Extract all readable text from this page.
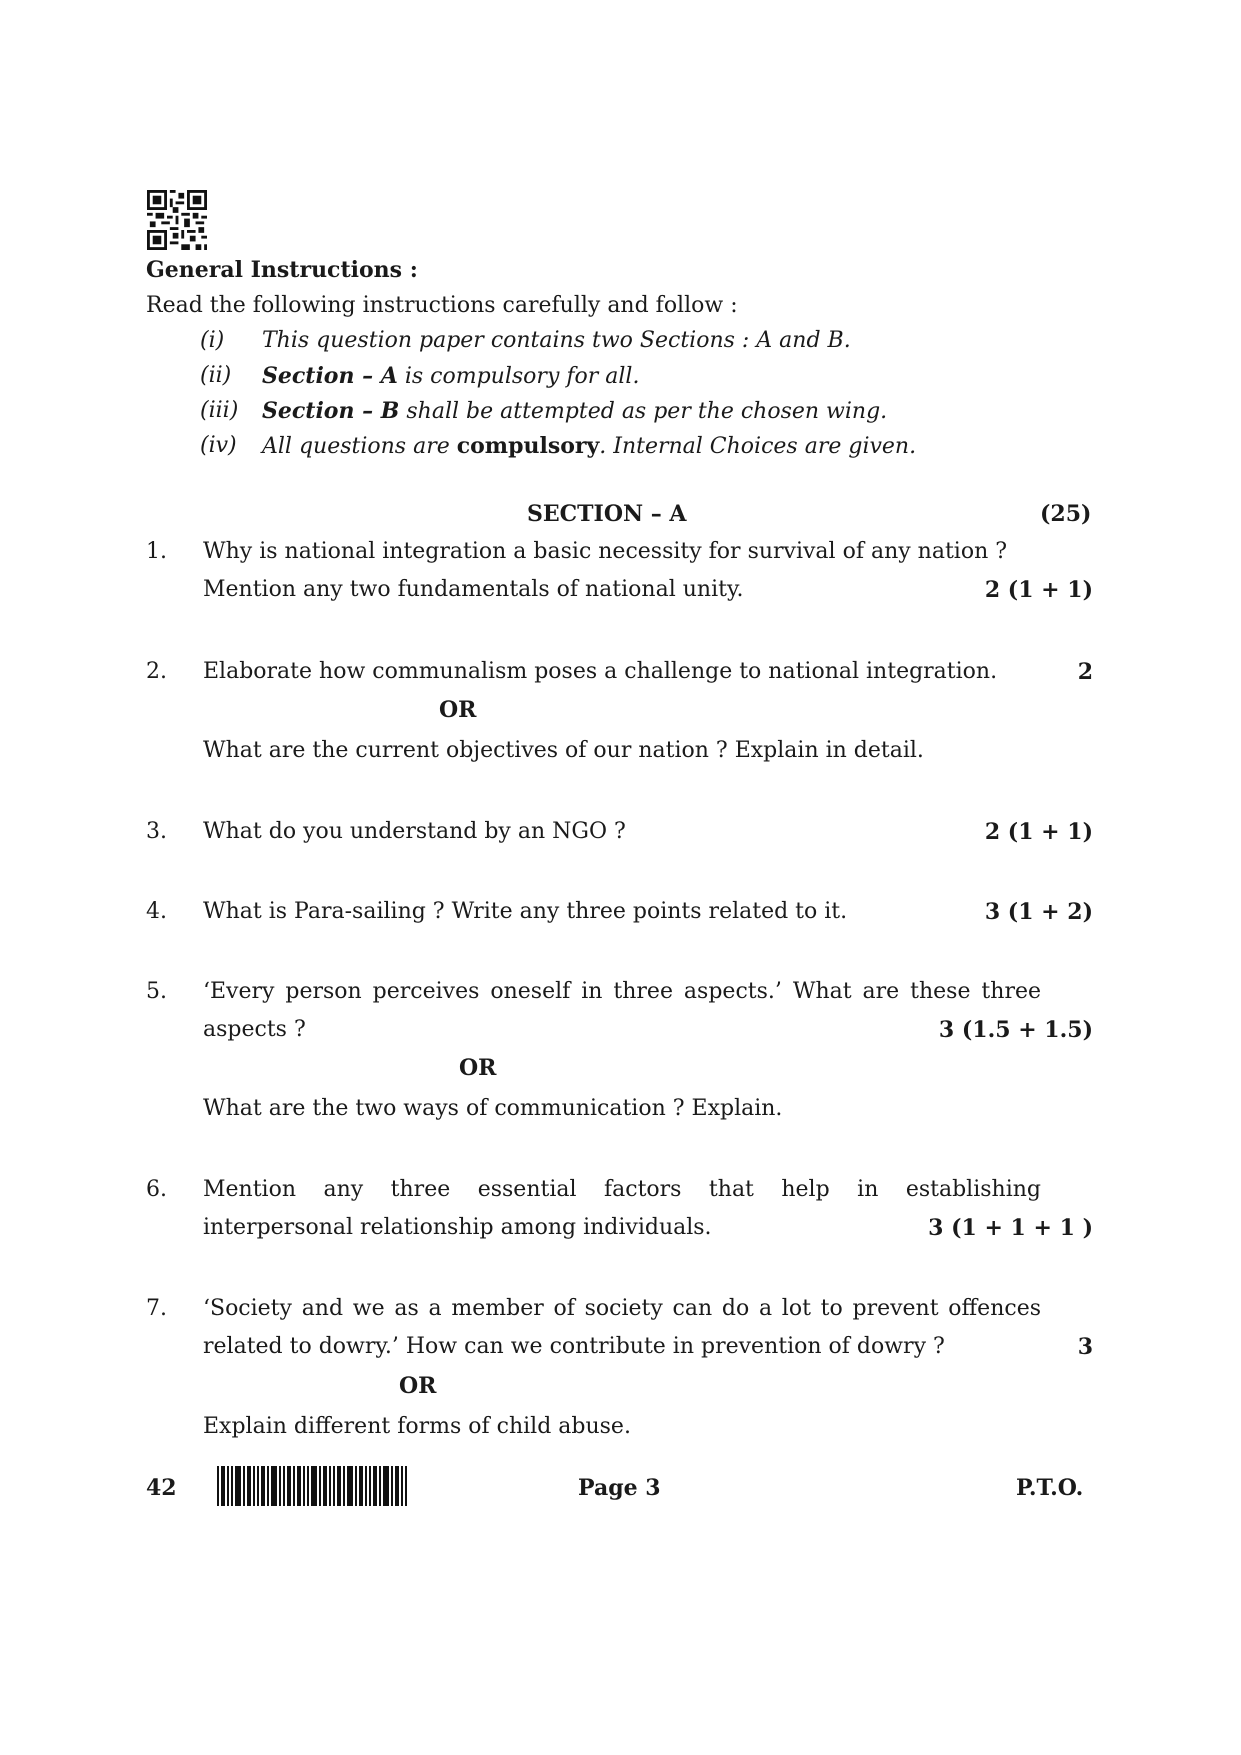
General Instructions :
Read the following instructions carefully and follow :
(i) This question paper contains two Sections : A and B.
(ii) Section – A is compulsory for all.
(iii) Section – B shall be attempted as per the chosen wing.
(iv) All questions are compulsory. Internal Choices are given.
SECTION – A	(25)
1. Why is national integration a basic necessity for survival of any nation ?
Mention any two fundamentals of national unity.	2 (1 + 1)
2. Elaborate how communalism poses a challenge to national integration.	2
OR
What are the current objectives of our nation ? Explain in detail.
3. What do you understand by an NGO ?	2 (1 + 1)
4. What is Para-sailing ? Write any three points related to it.	3 (1 + 2)
5. ‘Every person perceives oneself in three aspects.’ What are these three
aspects ?	3 (1.5 + 1.5)
OR
What are the two ways of communication ? Explain.
6. Mention any three essential factors that help in establishing
interpersonal relationship among individuals.	3 (1 + 1 + 1 )
7. ‘Society and we as a member of society can do a lot to prevent offences
related to dowry.’ How can we contribute in prevention of dowry ?	3
OR
Explain different forms of child abuse.
42	Page 3	P.T.O.
